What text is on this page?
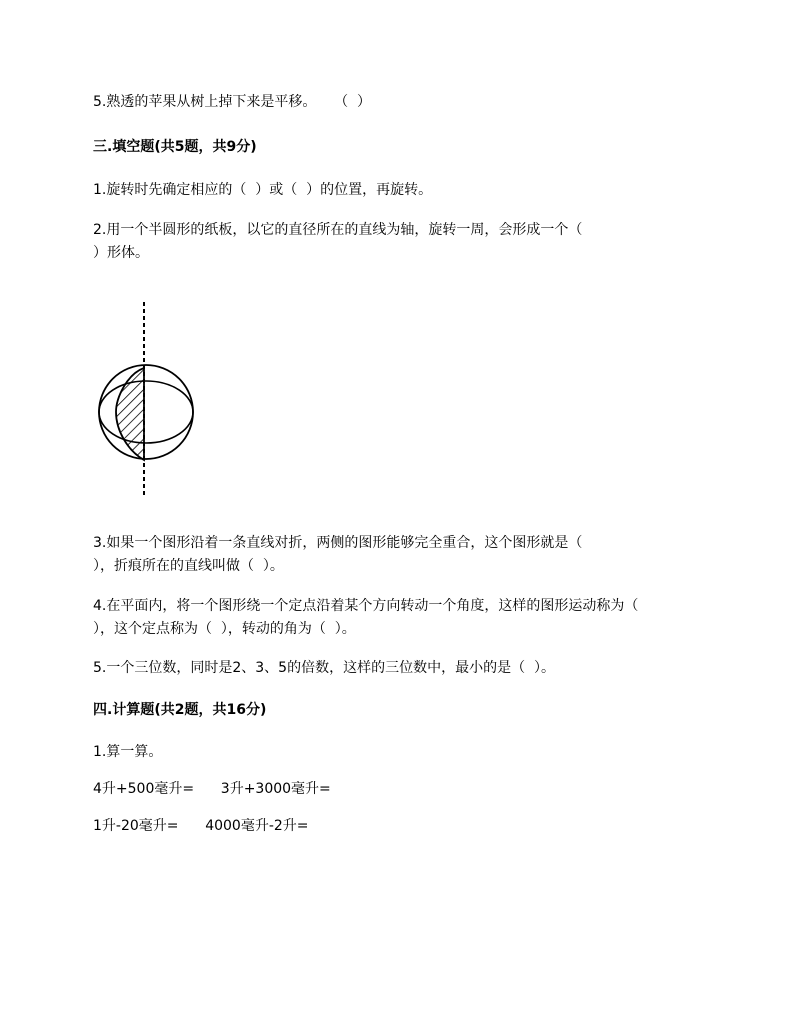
5.熟透的苹果从树上掉下来是平移。    （  ）
三.填空题(共5题，共9分)
1.旋转时先确定相应的（  ）或（  ）的位置，再旋转。
2.用一个半圆形的纸板，以它的直径所在的直线为轴，旋转一周，会形成一个（
）形体。
3.如果一个图形沿着一条直线对折，两侧的图形能够完全重合，这个图形就是（
），折痕所在的直线叫做（  ）。
4.在平面内，将一个图形绕一个定点沿着某个方向转动一个角度，这样的图形运动称为（
），这个定点称为（  ），转动的角为（  ）。
5.一个三位数，同时是2、3、5的倍数，这样的三位数中，最小的是（  ）。
四.计算题(共2题，共16分)
1.算一算。
4升+500毫升=      3升+3000毫升=
1升-20毫升=      4000毫升-2升=
